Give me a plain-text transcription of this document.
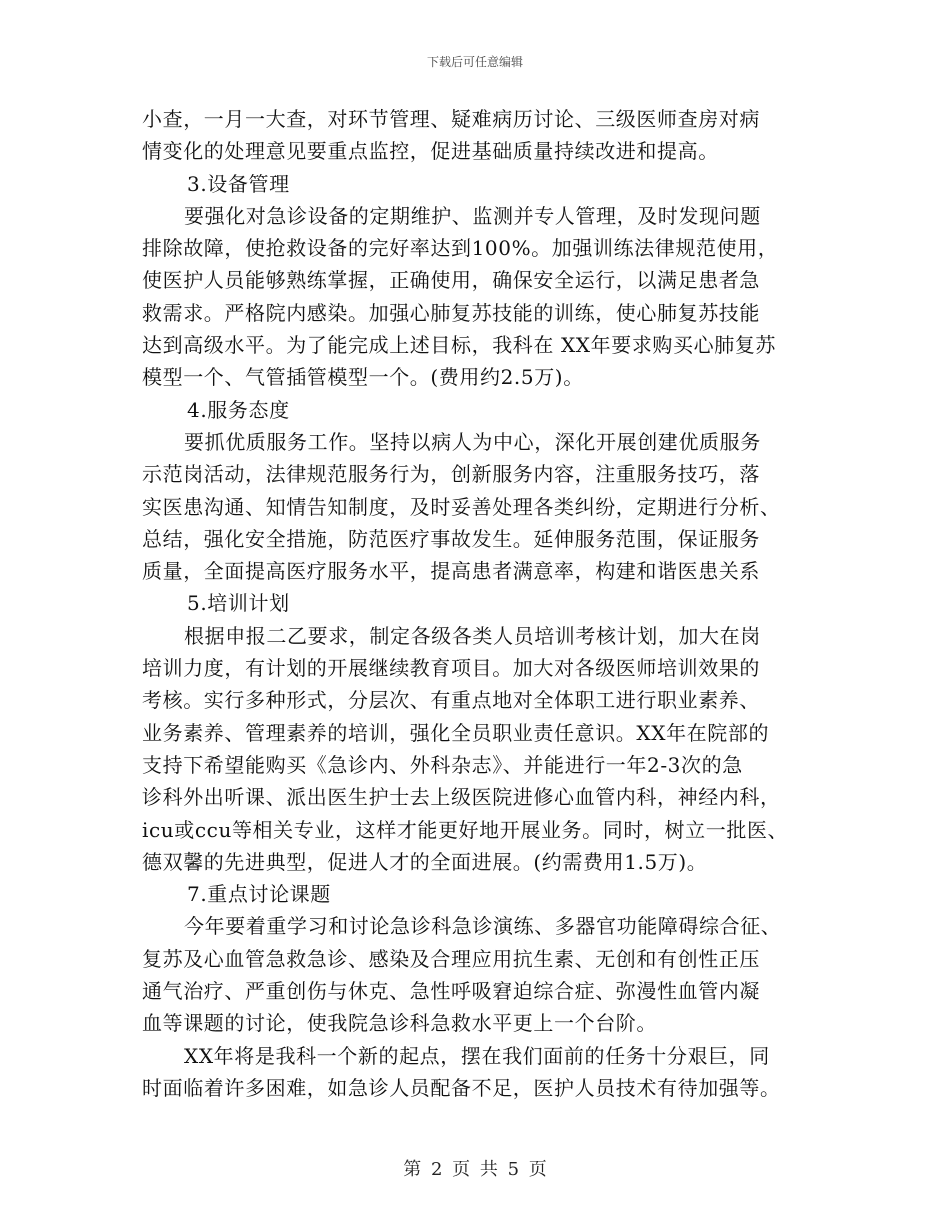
下载后可任意编辑
小查，一月一大查，对环节管理、疑难病历讨论、三级医师查房对病
情变化的处理意见要重点监控，促进基础质量持续改进和提高。
3.设备管理
要强化对急诊设备的定期维护、监测并专人管理，及时发现问题
排除故障，使抢救设备的完好率达到100%。加强训练法律规范使用，
使医护人员能够熟练掌握，正确使用，确保安全运行，以满足患者急
救需求。严格院内感染。加强心肺复苏技能的训练，使心肺复苏技能
达到高级水平。为了能完成上述目标，我科在 XX年要求购买心肺复苏
模型一个、气管插管模型一个。(费用约2.5万)。
4.服务态度
要抓优质服务工作。坚持以病人为中心，深化开展创建优质服务
示范岗活动，法律规范服务行为，创新服务内容，注重服务技巧，落
实医患沟通、知情告知制度，及时妥善处理各类纠纷，定期进行分析、
总结，强化安全措施，防范医疗事故发生。延伸服务范围，保证服务
质量，全面提高医疗服务水平，提高患者满意率，构建和谐医患关系
5.培训计划
根据申报二乙要求，制定各级各类人员培训考核计划，加大在岗
培训力度，有计划的开展继续教育项目。加大对各级医师培训效果的
考核。实行多种形式，分层次、有重点地对全体职工进行职业素养、
业务素养、管理素养的培训，强化全员职业责任意识。XX年在院部的
支持下希望能购买《急诊内、外科杂志》、并能进行一年2-3次的急
诊科外出听课、派出医生护士去上级医院进修心血管内科，神经内科，
icu或ccu等相关专业，这样才能更好地开展业务。同时，树立一批医、
德双馨的先进典型，促进人才的全面进展。(约需费用1.5万)。
7.重点讨论课题
今年要着重学习和讨论急诊科急诊演练、多器官功能障碍综合征、
复苏及心血管急救急诊、感染及合理应用抗生素、无创和有创性正压
通气治疗、严重创伤与休克、急性呼吸窘迫综合症、弥漫性血管内凝
血等课题的讨论，使我院急诊科急救水平更上一个台阶。
XX年将是我科一个新的起点，摆在我们面前的任务十分艰巨，同
时面临着许多困难，如急诊人员配备不足，医护人员技术有待加强等。
第 2 页 共 5 页
